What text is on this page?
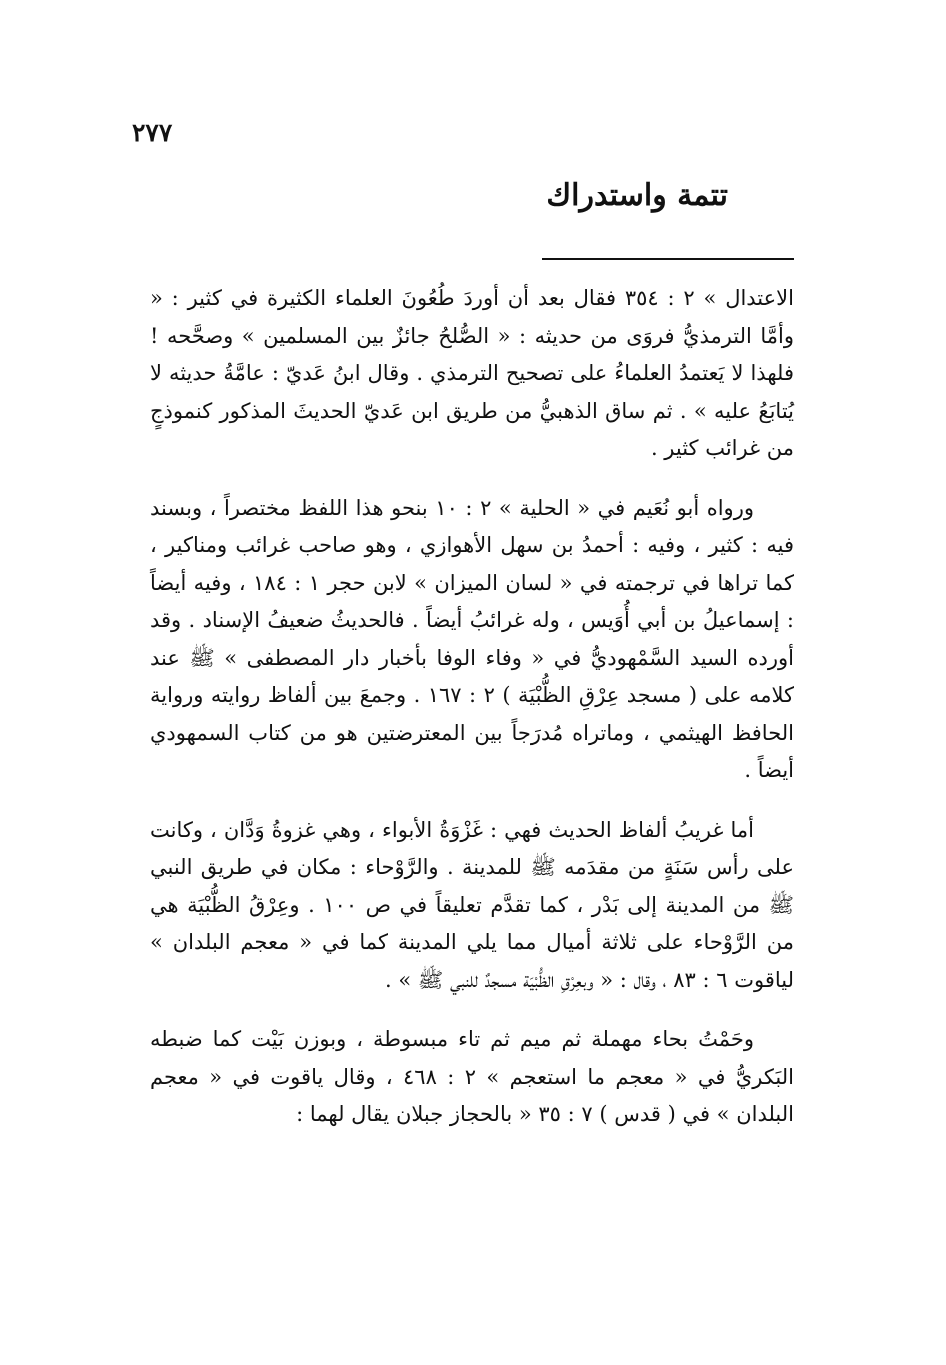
٢٧٧
تتمة واستدراك

الاعتدال » ٢ : ٣٥٤ فقال بعد أن أوردَ طُعُونَ العلماء الكثيرة في كثير : « وأمَّا الترمذيُّ فروَى من حديثه : « الصُّلحُ جائزٌ بين المسلمين » وصحَّحه ! فلهذا لا يَعتمدُ العلماءُ على تصحيح الترمذي . وقال ابنُ عَديّ : عامَّةُ حديثه لا يُتابَعُ عليه » . ثم ساق الذهبيُّ من طريق ابن عَديّ الحديثَ المذكور كنموذجٍ من غرائب كثير .

ورواه أبو نُعَيم في « الحلية » ٢ : ١٠ بنحو هذا اللفظ مختصراً ، وبسند فيه : كثير ، وفيه : أحمدُ بن سهل الأهوازي ، وهو صاحب غرائب ومناكير ، كما تراها في ترجمته في « لسان الميزان » لابن حجر ١ : ١٨٤ ، وفيه أيضاً : إسماعيلُ بن أبي أُوَيس ، وله غرائبُ أيضاً . فالحديثُ ضعيفُ الإسناد . وقد أورده السيد السَّمْهوديُّ في « وفاء الوفا بأخبار دار المصطفى » ﷺ عند كلامه على ( مسجد عِرْقِ الظُّبْيَة ) ٢ : ١٦٧ . وجمعَ بين ألفاظ روايته ورواية الحافظ الهيثمي ، وماتراه مُدرَجاً بين المعترضتين هو من كتاب السمهودي أيضاً .

أما غريبُ ألفاظ الحديث فهي : غَزْوَةُ الأبواء ، وهي غزوةُ وَدَّان ، وكانت على رأس سَنَةٍ من مقدَمه ﷺ للمدينة . والرَّوْحاء : مكان في طريق النبي ﷺ من المدينة إلى بَدْر ، كما تقدَّم تعليقاً في ص ١٠٠ . وعِرْقُ الظُّبْيَة هي من الرَّوْحاء على ثلاثة أميال مما يلي المدينة كما في « معجم البلدان » لياقوت ٦ : ٨٣ ، وقال : « وبعِرْقِ الظُّبْيَة مسجدٌ للنبي ﷺ » .

وحَمْتُ بحاء مهملة ثم ميم ثم تاء مبسوطة ، وبوزن بَيْت كما ضبطه البَكريُّ في « معجم ما استعجم » ٢ : ٤٦٨ ، وقال ياقوت في « معجم البلدان » في ( قدس ) ٧ : ٣٥ « بالحجاز جبلان يقال لهما :
